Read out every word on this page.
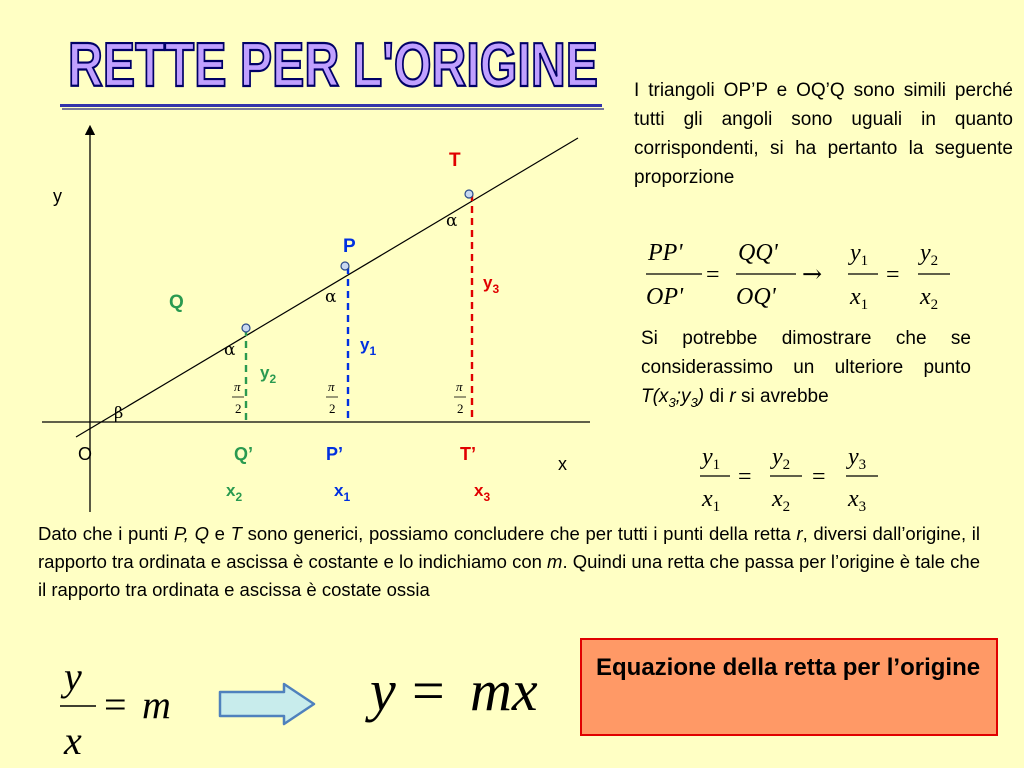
RETTE PER L'ORIGINE
y
x
O
T
P
Q
Q’	P’	T’
$x_2$	$x_1$	$x_3$
$y_3$
$y_1$
$y_2$
α
α
α
β
π
2
π
2
π
2
I triangoli OP’P e OQ’Q sono simili perché tutti gli angoli sono uguali in quanto corrispondenti, si ha pertanto la seguente proporzione
PP'
OP'
=
QQ'
OQ'
→
$y_1$
$x_1$
=
$y_2$
$x_2$
Si potrebbe dimostrare che se considerassimo un ulteriore punto $T(x_3;y_3)$ di r si avrebbe
$y_1$
$x_1$
=
$y_2$
$x_2$
=
$y_3$
$x_3$
Dato che i punti P, Q e T sono generici, possiamo concludere che per tutti i punti della retta r, diversi dall’origine, il rapporto tra ordinata e ascissa è costante e lo indichiamo con m. Quindi una retta che passa per l’origine è tale che il rapporto tra ordinata e ascissa è costate ossia
y
x
= m	y = mx Equazione della retta per l’origine
